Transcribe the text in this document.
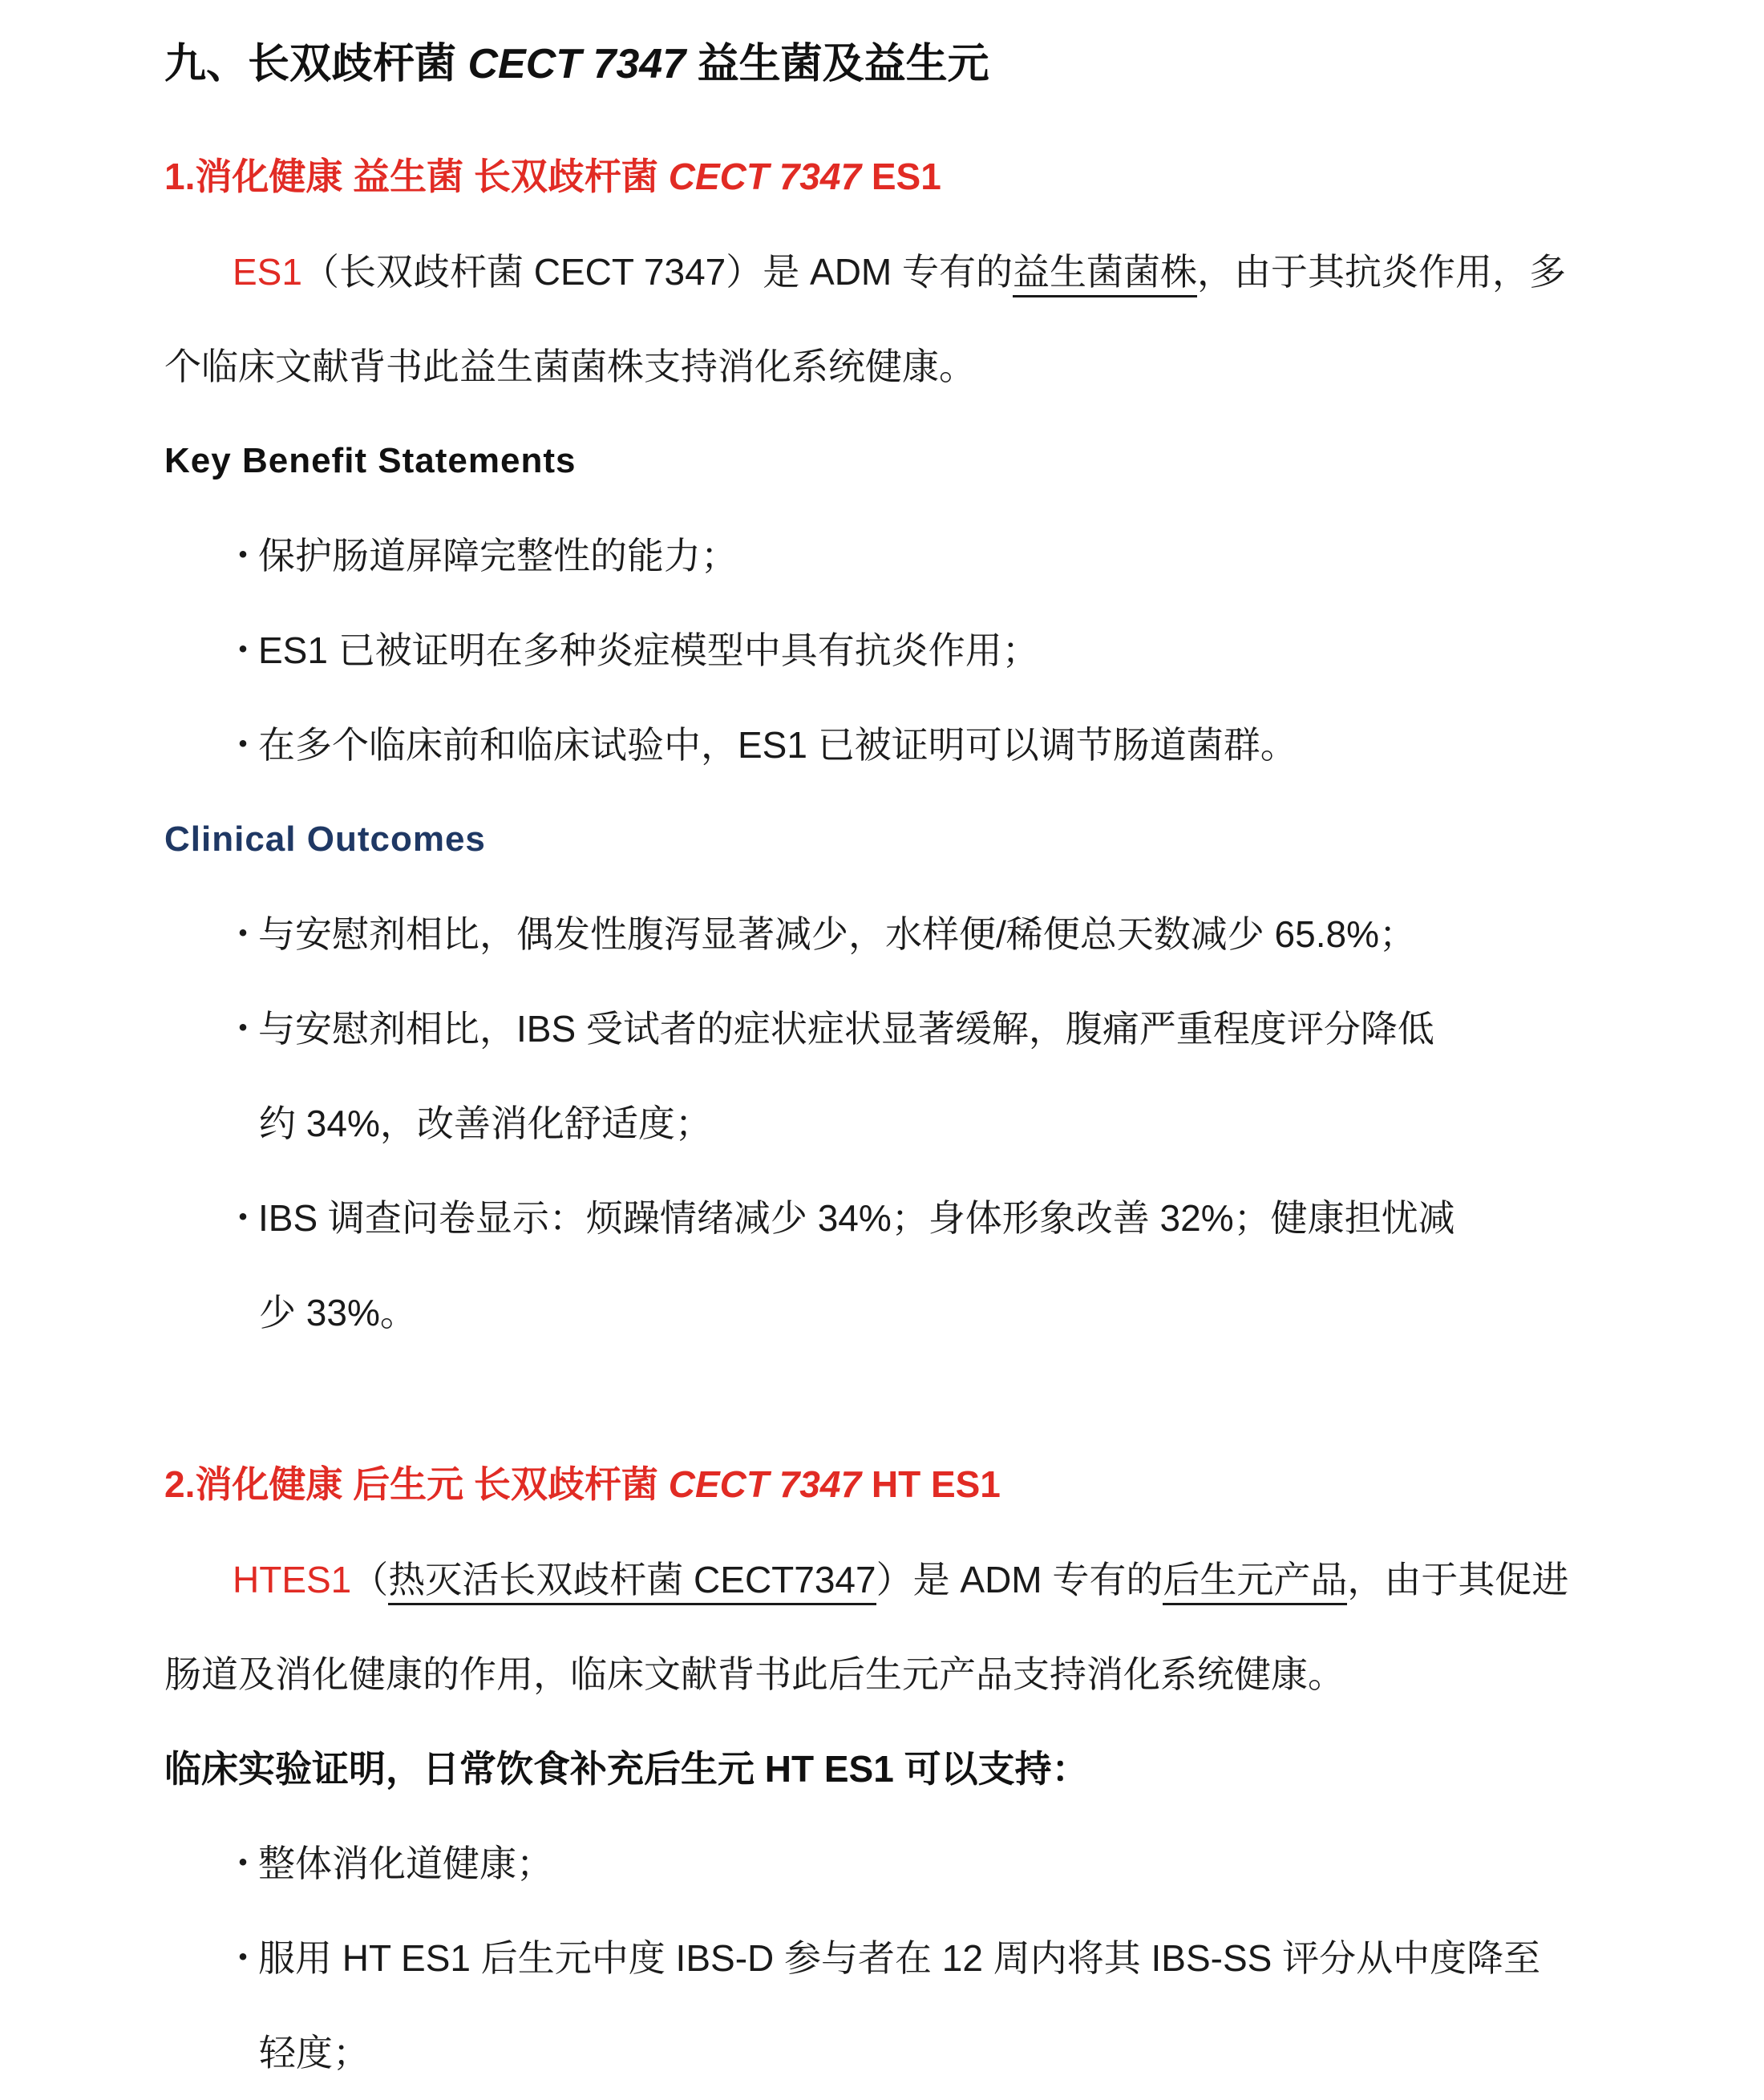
九、长双歧杆菌 CECT 7347 益生菌及益生元
1.消化健康 益生菌 长双歧杆菌 CECT 7347 ES1
ES1（长双歧杆菌 CECT 7347）是 ADM 专有的益生菌菌株，由于其抗炎作用，多
个临床文献背书此益生菌菌株支持消化系统健康。
Key Benefit Statements
・保护肠道屏障完整性的能力；
・ES1 已被证明在多种炎症模型中具有抗炎作用；
・在多个临床前和临床试验中，ES1 已被证明可以调节肠道菌群。
Clinical Outcomes
・与安慰剂相比，偶发性腹泻显著减少，水样便/稀便总天数减少 65.8%；
・与安慰剂相比，IBS 受试者的症状症状显著缓解，腹痛严重程度评分降低
约 34%，改善消化舒适度；
・IBS 调查问卷显示：烦躁情绪减少 34%；身体形象改善 32%；健康担忧减
少 33%。
2.消化健康 后生元 长双歧杆菌 CECT 7347 HT ES1
HTES1（热灭活长双歧杆菌 CECT7347）是 ADM 专有的后生元产品，由于其促进
肠道及消化健康的作用，临床文献背书此后生元产品支持消化系统健康。
临床实验证明，日常饮食补充后生元 HT ES1 可以支持：
・整体消化道健康；
・服用 HT ES1 后生元中度 IBS-D 参与者在 12 周内将其 IBS-SS 评分从中度降至
轻度；
